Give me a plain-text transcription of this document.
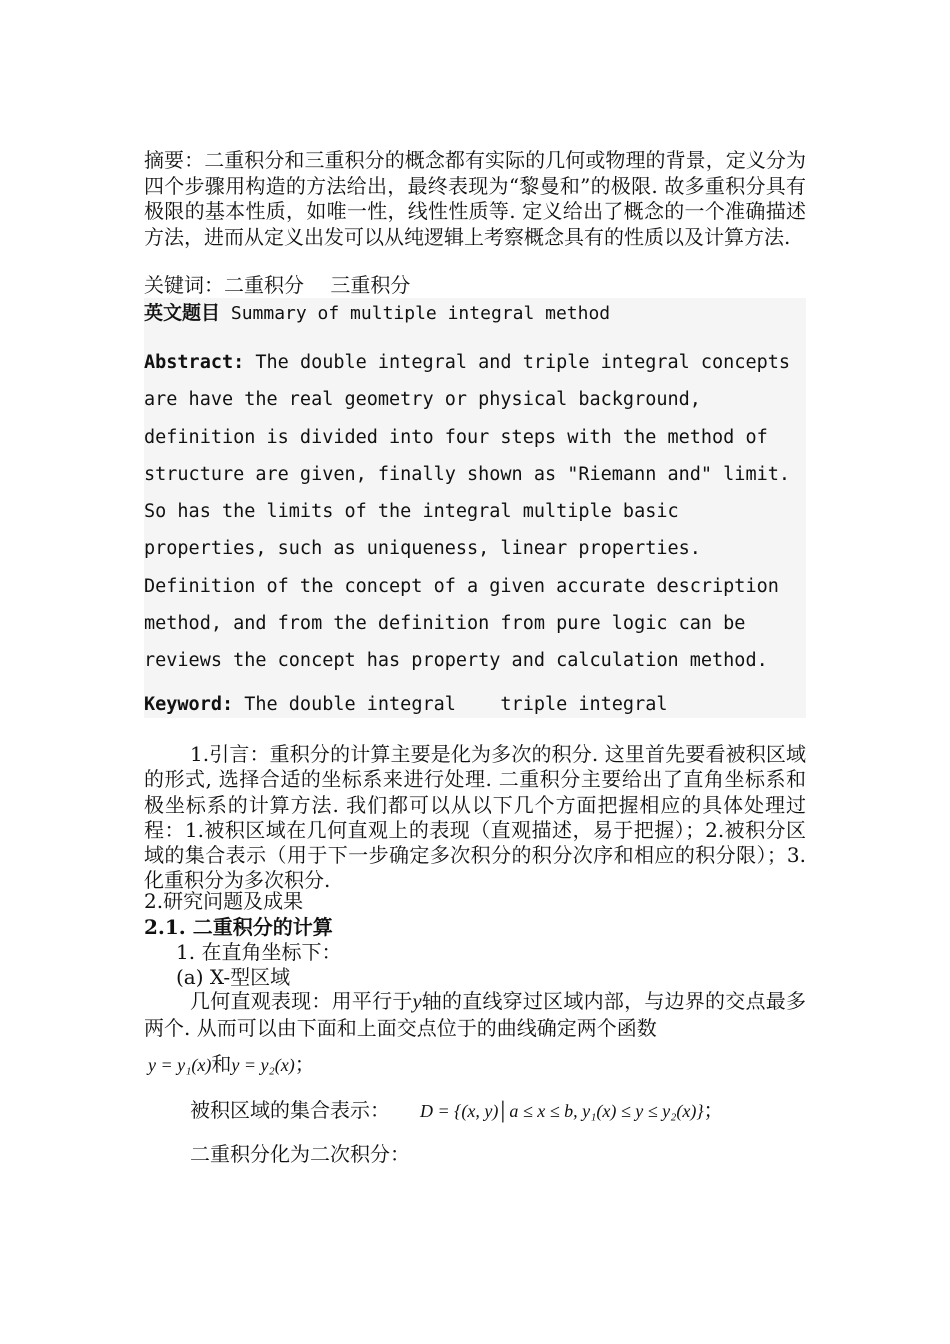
摘要：二重积分和三重积分的概念都有实际的几何或物理的背景，定义分为四个步骤用构造的方法给出，最终表现为“黎曼和”的极限. 故多重积分具有极限的基本性质，如唯一性，线性性质等. 定义给出了概念的一个准确描述方法，进而从定义出发可以从纯逻辑上考察概念具有的性质以及计算方法.

关键词：二重积分　 三重积分
英文题目 Summary of multiple integral method

Abstract: The double integral and triple integral concepts are have the real geometry or physical background, definition is divided into four steps with the method of structure are given, finally shown as "Riemann and" limit. So has the limits of the integral multiple basic properties, such as uniqueness, linear properties. Definition of the concept of a given accurate description method, and from the definition from pure logic can be reviews the concept has property and calculation method.

Keyword: The double integral    triple integral

1.引言：重积分的计算主要是化为多次的积分. 这里首先要看被积区域的形式, 选择合适的坐标系来进行处理. 二重积分主要给出了直角坐标系和极坐标系的计算方法. 我们都可以从以下几个方面把握相应的具体处理过程：1.被积区域在几何直观上的表现（直观描述，易于把握）；2.被积分区域的集合表示（用于下一步确定多次积分的积分次序和相应的积分限）；3.化重积分为多次积分.

2.研究问题及成果
2.1. 二重积分的计算
1. 在直角坐标下：
(a) X-型区域

几何直观表现：用平行于y轴的直线穿过区域内部，与边界的交点最多两个. 从而可以由下面和上面交点位于的曲线确定两个函数

y = y₁(x)和y = y₂(x)；
被积区域的集合表示： D = {(x, y)│a ≤ x ≤ b, y₁(x) ≤ y ≤ y₂(x)}；
二重积分化为二次积分：
